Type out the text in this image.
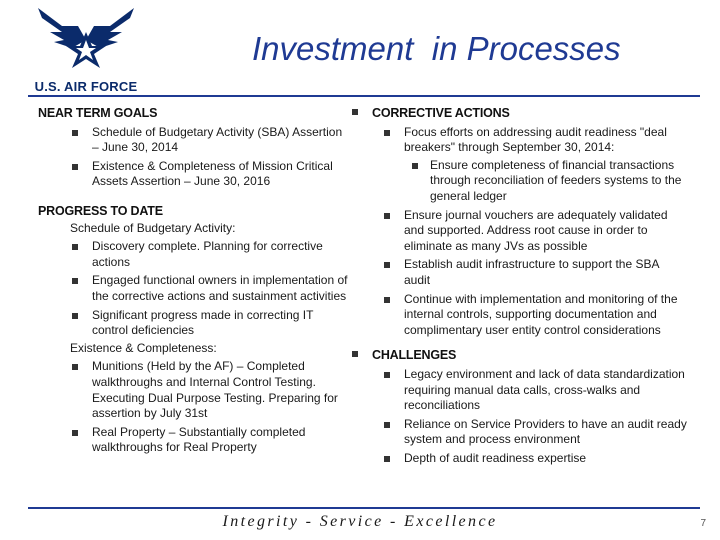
U.S. AIR FORCE
Investment  in Processes
NEAR TERM GOALS
Schedule of Budgetary Activity (SBA) Assertion – June 30, 2014
Existence & Completeness of Mission Critical Assets Assertion – June 30, 2016
PROGRESS TO DATE
Schedule of Budgetary Activity:
Discovery complete. Planning for corrective actions
Engaged functional owners in implementation of the corrective actions and sustainment activities
Significant progress made in correcting IT control deficiencies
Existence & Completeness:
Munitions (Held by the AF) – Completed walkthroughs and Internal Control Testing. Executing Dual Purpose Testing. Preparing for assertion by July 31st
Real Property – Substantially completed walkthroughs for Real Property
CORRECTIVE ACTIONS
Focus efforts on addressing audit readiness "deal breakers" through September 30, 2014:
Ensure completeness of financial transactions through reconciliation of feeders systems to the general ledger
Ensure journal vouchers are adequately validated and supported. Address root cause in order to eliminate as many JVs as possible
Establish audit infrastructure to support the SBA audit
Continue with implementation and monitoring of the internal controls, supporting documentation and complimentary user entity control considerations
CHALLENGES
Legacy environment and lack of data standardization requiring manual data calls, cross-walks and reconciliations
Reliance on Service Providers to have an audit ready system and process environment
Depth of audit readiness expertise
Integrity - Service - Excellence	7
